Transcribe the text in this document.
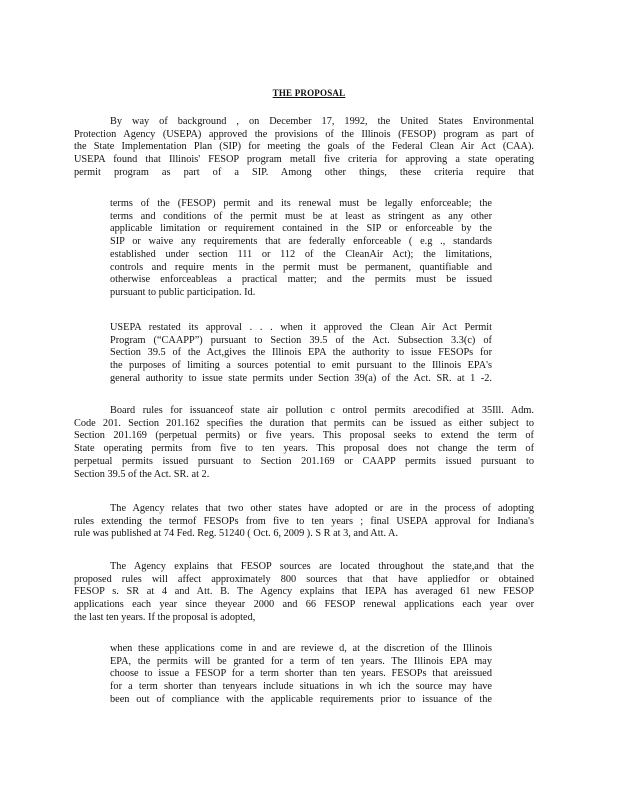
THE PROPOSAL
By way of background , on December 17, 1992, the United States Environmental
Protection Agency (USEPA) approved the provisions of the Illinois (FESOP) program as part of
the State Implementation Plan (SIP) for meeting the goals of the Federal Clean Air Act (CAA).
USEPA found that Illinois' FESOP program metall five criteria for approving a state operating
permit program as part of a SIP. Among other things, these criteria require that
terms of the (FESOP) permit and its renewal must be legally enforceable; the
terms and conditions of the permit must be at least as stringent as any other
applicable limitation or requirement contained in the SIP or enforceable by the
SIP or waive any requirements that are federally enforceable ( e.g ., standards
established under section 111 or 112 of the CleanAir Act); the limitations,
controls and require ments in the permit must be permanent, quantifiable and
otherwise enforceableas a practical matter; and the permits must be issued
pursuant to public participation. Id.
USEPA restated its approval . . . when it approved the Clean Air Act Permit
Program (“CAAPP”) pursuant to Section 39.5 of the Act. Subsection 3.3(c) of
Section 39.5 of the Act,gives the Illinois EPA the authority to issue FESOPs for
the purposes of limiting a sources potential to emit pursuant to the Illinois EPA's
general authority to issue state permits under Section 39(a) of the Act. SR. at 1 -2.
Board rules for issuanceof state air pollution c ontrol permits arecodified at 35Ill. Adm.
Code 201. Section 201.162 specifies the duration that permits can be issued as either subject to
Section 201.169 (perpetual permits) or five years. This proposal seeks to extend the term of
State operating permits from five to ten years. This proposal does not change the term of
perpetual permits issued pursuant to Section 201.169 or CAAPP permits issued pursuant to
Section 39.5 of the Act. SR. at 2.
The Agency relates that two other states have adopted or are in the process of adopting
rules extending the termof FESOPs from five to ten years ; final USEPA approval for Indiana's
rule was published at 74 Fed. Reg. 51240 ( Oct. 6, 2009 ). S R at 3, and Att. A.
The Agency explains that FESOP sources are located throughout the state,and that the
proposed rules will affect approximately 800 sources that that have appliedfor or obtained
FESOP s. SR at 4 and Att. B. The Agency explains that IEPA has averaged 61 new FESOP
applications each year since theyear 2000 and 66 FESOP renewal applications each year over
the last ten years. If the proposal is adopted,
when these applications come in and are reviewe d, at the discretion of the Illinois
EPA, the permits will be granted for a term of ten years. The Illinois EPA may
choose to issue a FESOP for a term shorter than ten years. FESOPs that areissued
for a term shorter than tenyears include situations in wh ich the source may have
been out of compliance with the applicable requirements prior to issuance of the
